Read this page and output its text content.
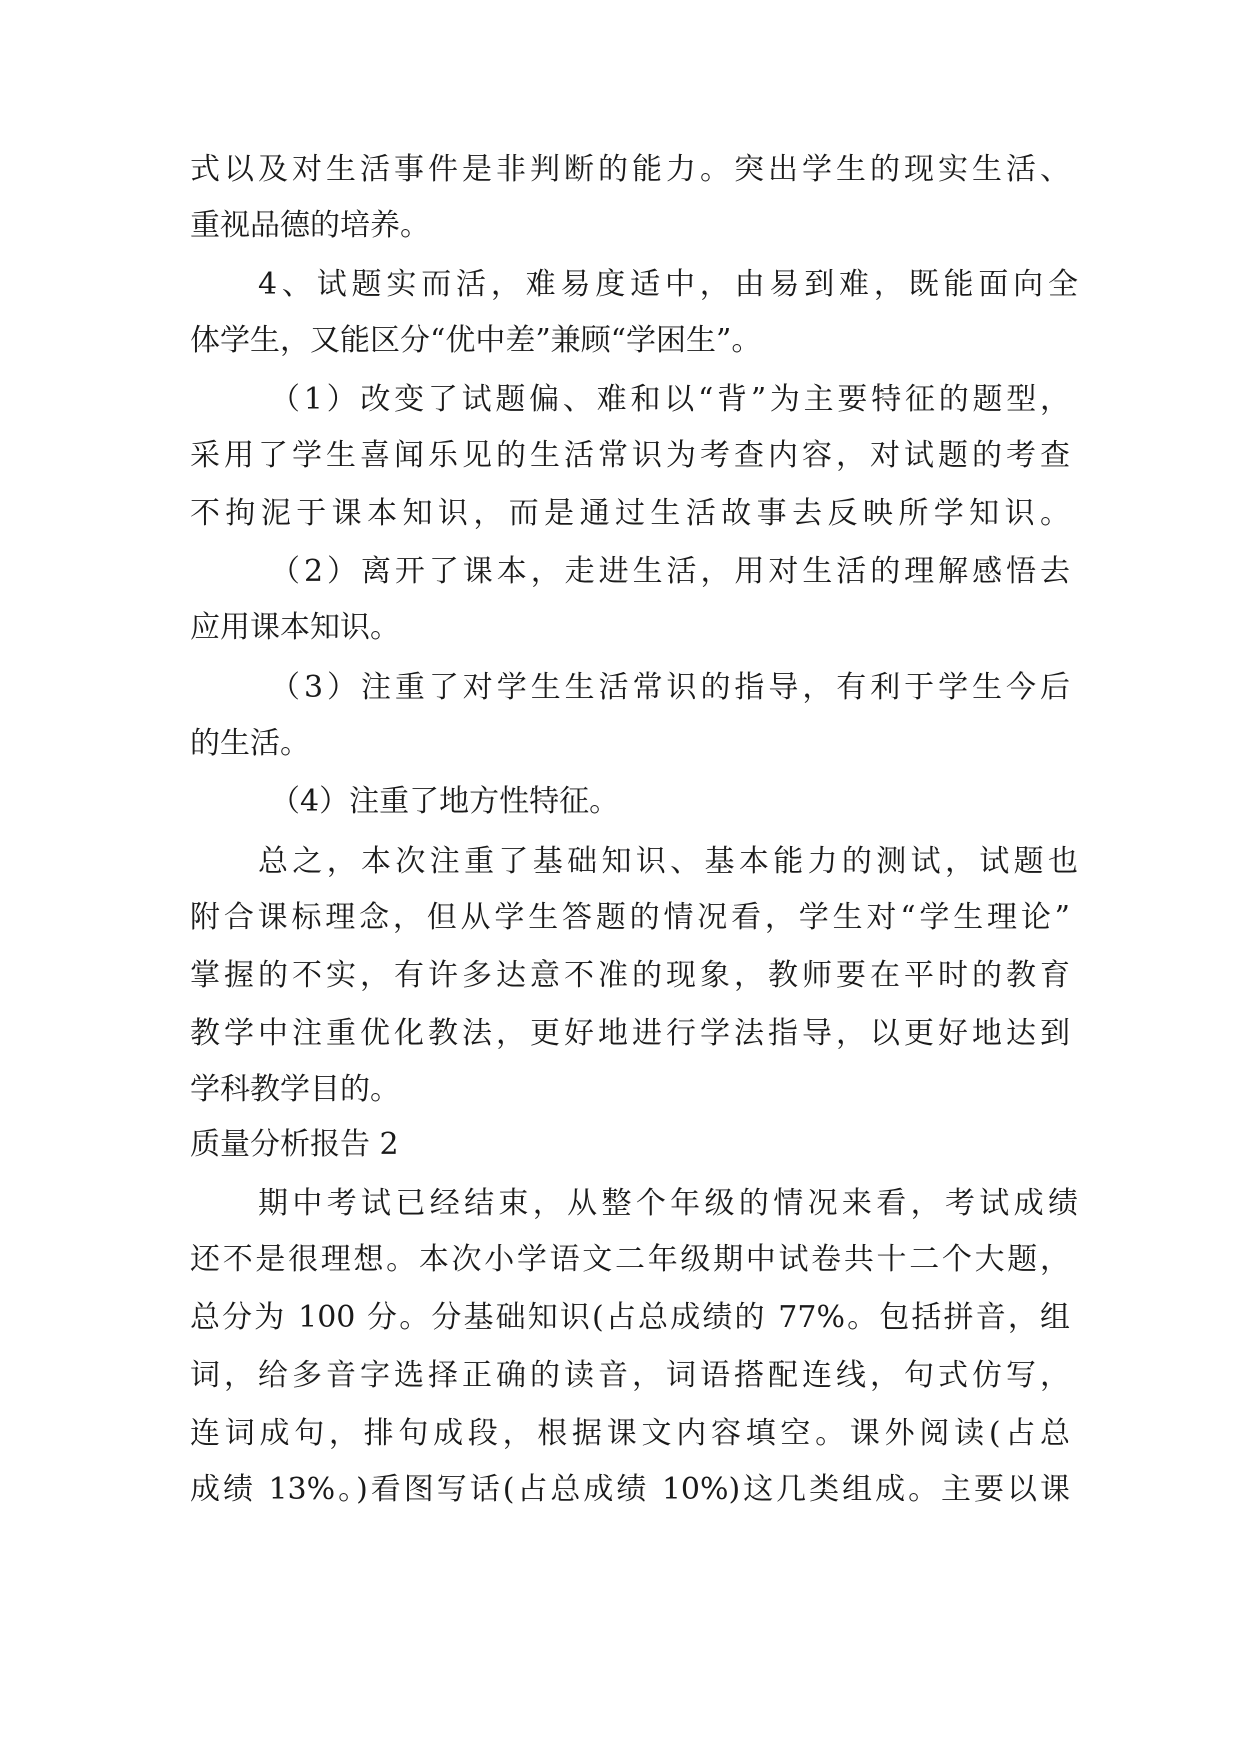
式以及对生活事件是非判断的能力。突出学生的现实生活、
重视品德的培养。
4、试题实而活，难易度适中，由易到难，既能面向全
体学生，又能区分“优中差”兼顾“学困生”。
（1）改变了试题偏、难和以“背”为主要特征的题型，
采用了学生喜闻乐见的生活常识为考查内容，对试题的考查
不拘泥于课本知识，而是通过生活故事去反映所学知识。
（2）离开了课本，走进生活，用对生活的理解感悟去
应用课本知识。
（3）注重了对学生生活常识的指导，有利于学生今后
的生活。
（4）注重了地方性特征。
总之，本次注重了基础知识、基本能力的测试，试题也
附合课标理念，但从学生答题的情况看，学生对“学生理论”
掌握的不实，有许多达意不准的现象，教师要在平时的教育
教学中注重优化教法，更好地进行学法指导，以更好地达到
学科教学目的。
质量分析报告 2
期中考试已经结束，从整个年级的情况来看，考试成绩
还不是很理想。本次小学语文二年级期中试卷共十二个大题，
总分为 100 分。分基础知识(占总成绩的 77%。包括拼音，组
词，给多音字选择正确的读音，词语搭配连线，句式仿写，
连词成句，排句成段，根据课文内容填空。课外阅读(占总
成绩 13%。)看图写话(占总成绩 10%)这几类组成。主要以课
